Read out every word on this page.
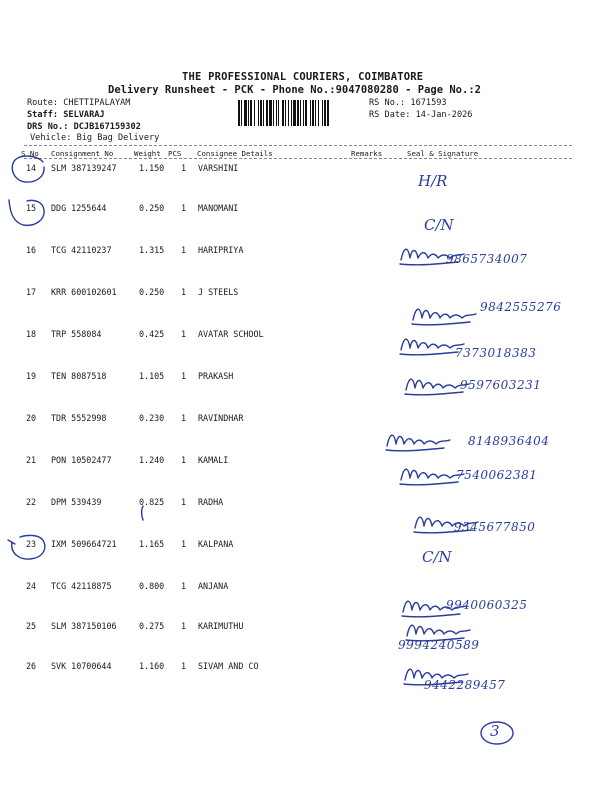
THE PROFESSIONAL COURIERS, COIMBATORE
Delivery Runsheet - PCK - Phone No.:9047080280 - Page No.:2
Route: CHETTIPALAYAM
Staff: SELVARAJ
DRS No.: DCJB167159302
Vehicle: Big Bag Delivery
RS No.: 1671593
RS Date: 14-Jan-2026
S No Consignment No	Weight PCS Consignee Details	Remarks	Seal & Signature
14 SLM 387139247	1.150 1 VARSHINI
H/R
15 DDG 1255644	0.250 1 MANOMANI
C/N
16 TCG 42110237	1.315 1 HARIPRIYA
9865734007
17 KRR 600102601	0.250 1 J STEELS
9842555276
18 TRP 558084	0.425 1 AVATAR SCHOOL
7373018383
19 TEN 8087518	1.105 1 PRAKASH
9597603231
20 TDR 5552998	0.230 1 RAVINDHAR
8148936404
21 PON 10502477	1.240 1 KAMALI
7540062381
22 DPM 539439	0.825 1 RADHA
9345677850
23 IXM 509664721	1.165 1 KALPANA
C/N
24 TCG 42118875	0.800 1 ANJANA
9940060325
25 SLM 387150106	0.275 1 KARIMUTHU
9994240589
26 SVK 10700644	1.160 1 SIVAM AND CO
9442289457
3
